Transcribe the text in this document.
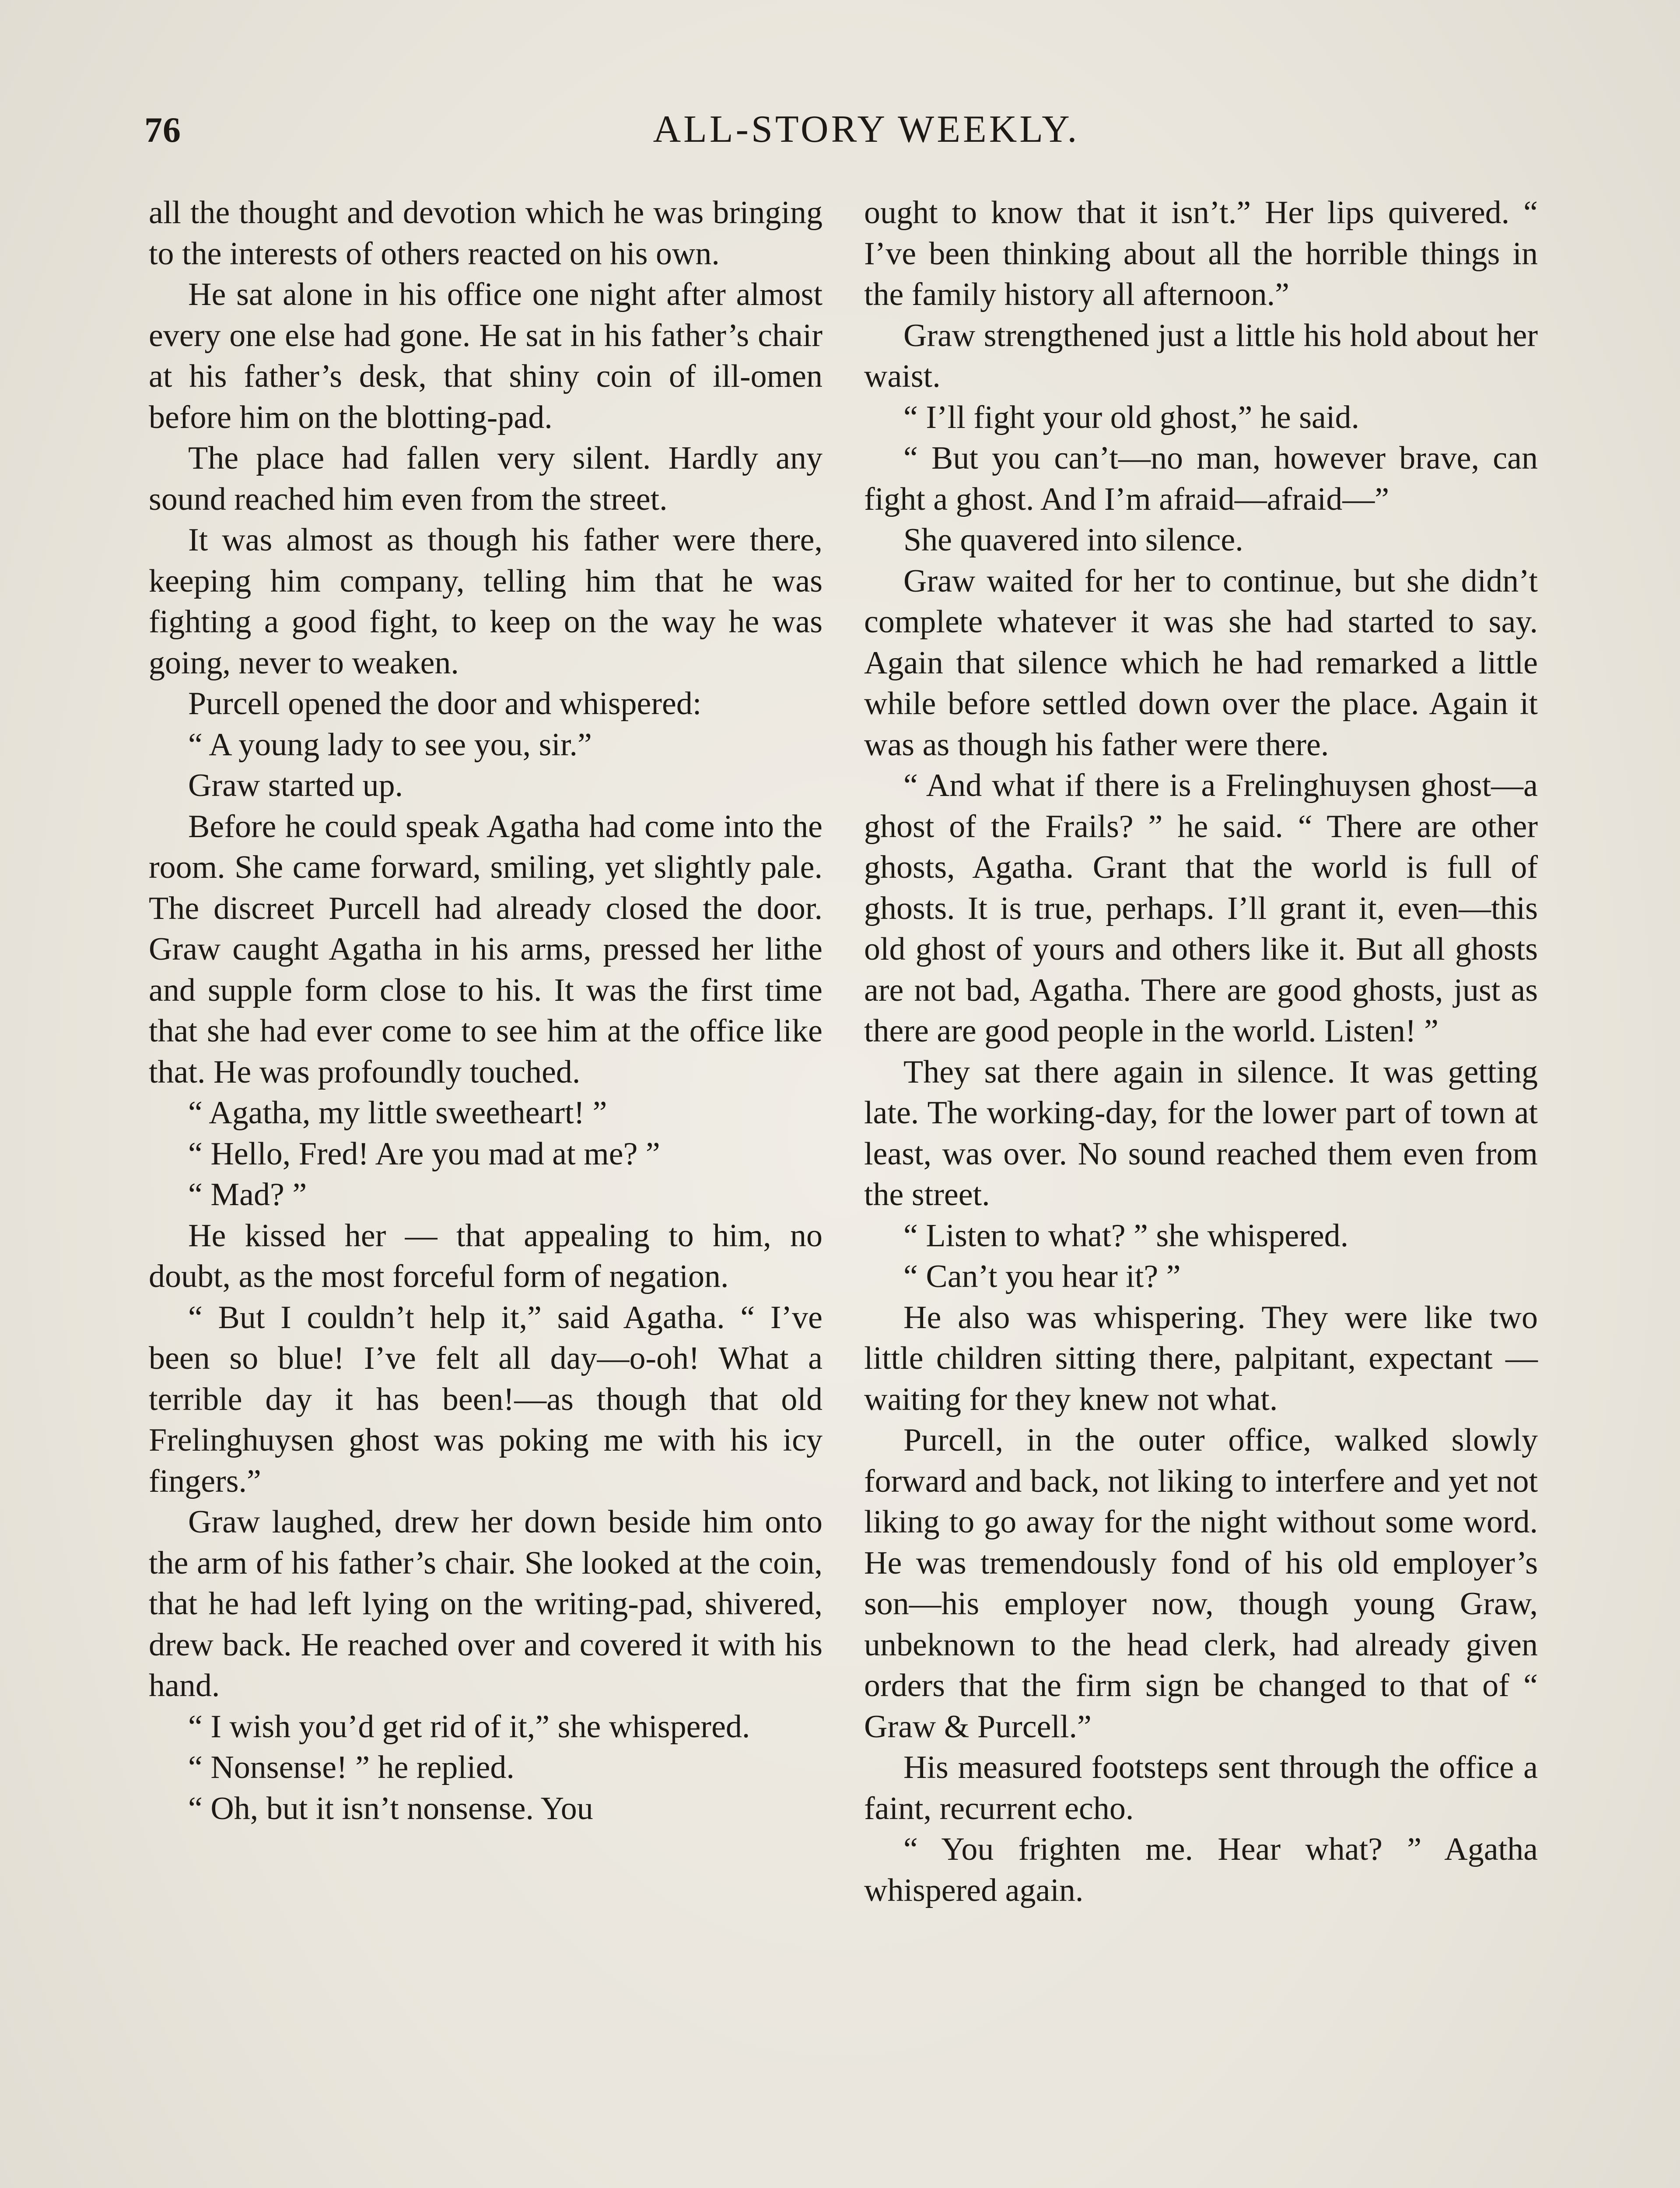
76	ALL-STORY WEEKLY.

all the thought and devotion which he was bringing to the interests of others reacted on his own.

He sat alone in his office one night after almost every one else had gone. He sat in his father’s chair at his father’s desk, that shiny coin of ill-omen before him on the blotting-pad.

The place had fallen very silent. Hardly any sound reached him even from the street.

It was almost as though his father were there, keeping him company, telling him that he was fighting a good fight, to keep on the way he was going, never to weaken.

Purcell opened the door and whispered:

“ A young lady to see you, sir.”

Graw started up.

Before he could speak Agatha had come into the room. She came forward, smiling, yet slightly pale. The discreet Purcell had already closed the door. Graw caught Agatha in his arms, pressed her lithe and supple form close to his. It was the first time that she had ever come to see him at the office like that. He was profoundly touched.

“ Agatha, my little sweetheart! ”

“ Hello, Fred! Are you mad at me? ”

“ Mad? ”

He kissed her — that appealing to him, no doubt, as the most forceful form of negation.

“ But I couldn’t help it,” said Agatha. “ I’ve been so blue! I’ve felt all day—o-oh! What a terrible day it has been!—as though that old Frelinghuysen ghost was poking me with his icy fingers.”

Graw laughed, drew her down beside him onto the arm of his father’s chair. She looked at the coin, that he had left lying on the writing-pad, shivered, drew back. He reached over and covered it with his hand.

“ I wish you’d get rid of it,” she whispered.

“ Nonsense! ” he replied.

“ Oh, but it isn’t nonsense. You

ought to know that it isn’t.” Her lips quivered. “ I’ve been thinking about all the horrible things in the family history all afternoon.”

Graw strengthened just a little his hold about her waist.

“ I’ll fight your old ghost,” he said.

“ But you can’t—no man, however brave, can fight a ghost. And I’m afraid—afraid—”

She quavered into silence.

Graw waited for her to continue, but she didn’t complete whatever it was she had started to say. Again that silence which he had remarked a little while before settled down over the place. Again it was as though his father were there.

“ And what if there is a Frelinghuysen ghost—a ghost of the Frails? ” he said. “ There are other ghosts, Agatha. Grant that the world is full of ghosts. It is true, perhaps. I’ll grant it, even—this old ghost of yours and others like it. But all ghosts are not bad, Agatha. There are good ghosts, just as there are good people in the world. Listen! ”

They sat there again in silence. It was getting late. The working-day, for the lower part of town at least, was over. No sound reached them even from the street.

“ Listen to what? ” she whispered.

“ Can’t you hear it? ”

He also was whispering. They were like two little children sitting there, palpitant, expectant — waiting for they knew not what.

Purcell, in the outer office, walked slowly forward and back, not liking to interfere and yet not liking to go away for the night without some word. He was tremendously fond of his old employer’s son—his employer now, though young Graw, unbeknown to the head clerk, had already given orders that the firm sign be changed to that of “ Graw & Purcell.”

His measured footsteps sent through the office a faint, recurrent echo.

“ You frighten me. Hear what? ” Agatha whispered again.
